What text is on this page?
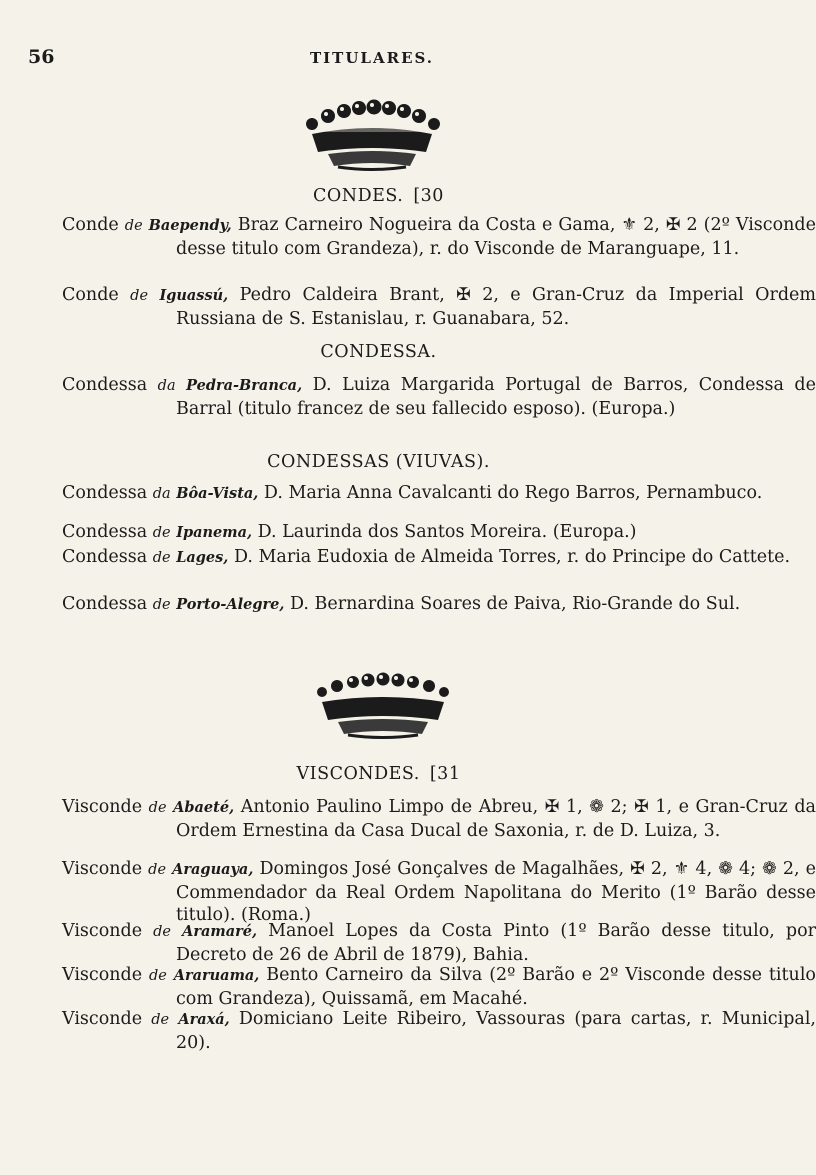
56	TITULARES.
CONDES. [30
Conde de Baependy, Braz Carneiro Nogueira da Costa e Gama, ⚜ 2, ✠ 2 (2º Visconde desse titulo com Grandeza), r. do Visconde de Maranguape, 11.
Conde de Iguassú, Pedro Caldeira Brant, ✠ 2, e Gran-Cruz da Imperial Ordem Russiana de S. Estanislau, r. Guanabara, 52.
CONDESSA.
Condessa da Pedra-Branca, D. Luiza Margarida Portugal de Barros, Condessa de Barral (titulo francez de seu fallecido esposo). (Europa.)
CONDESSAS (VIUVAS).
Condessa da Bôa-Vista, D. Maria Anna Cavalcanti do Rego Barros, Pernambuco.
Condessa de Ipanema, D. Laurinda dos Santos Moreira. (Europa.)
Condessa de Lages, D. Maria Eudoxia de Almeida Torres, r. do Principe do Cattete.
Condessa de Porto-Alegre, D. Bernardina Soares de Paiva, Rio-Grande do Sul.
VISCONDES. [31
Visconde de Abaeté, Antonio Paulino Limpo de Abreu, ✠ 1, ❁ 2; ✠ 1, e Gran-Cruz da Ordem Ernestina da Casa Ducal de Saxonia, r. de D. Luiza, 3.
Visconde de Araguaya, Domingos José Gonçalves de Magalhães, ✠ 2, ⚜ 4, ❁ 4; ❁ 2, e Commendador da Real Ordem Napolitana do Merito (1º Barão desse titulo). (Roma.)
Visconde de Aramaré, Manoel Lopes da Costa Pinto (1º Barão desse titulo, por Decreto de 26 de Abril de 1879), Bahia.
Visconde de Araruama, Bento Carneiro da Silva (2º Barão e 2º Visconde desse titulo com Grandeza), Quissamã, em Macahé.
Visconde de Araxá, Domiciano Leite Ribeiro, Vassouras (para cartas, r. Municipal, 20).
